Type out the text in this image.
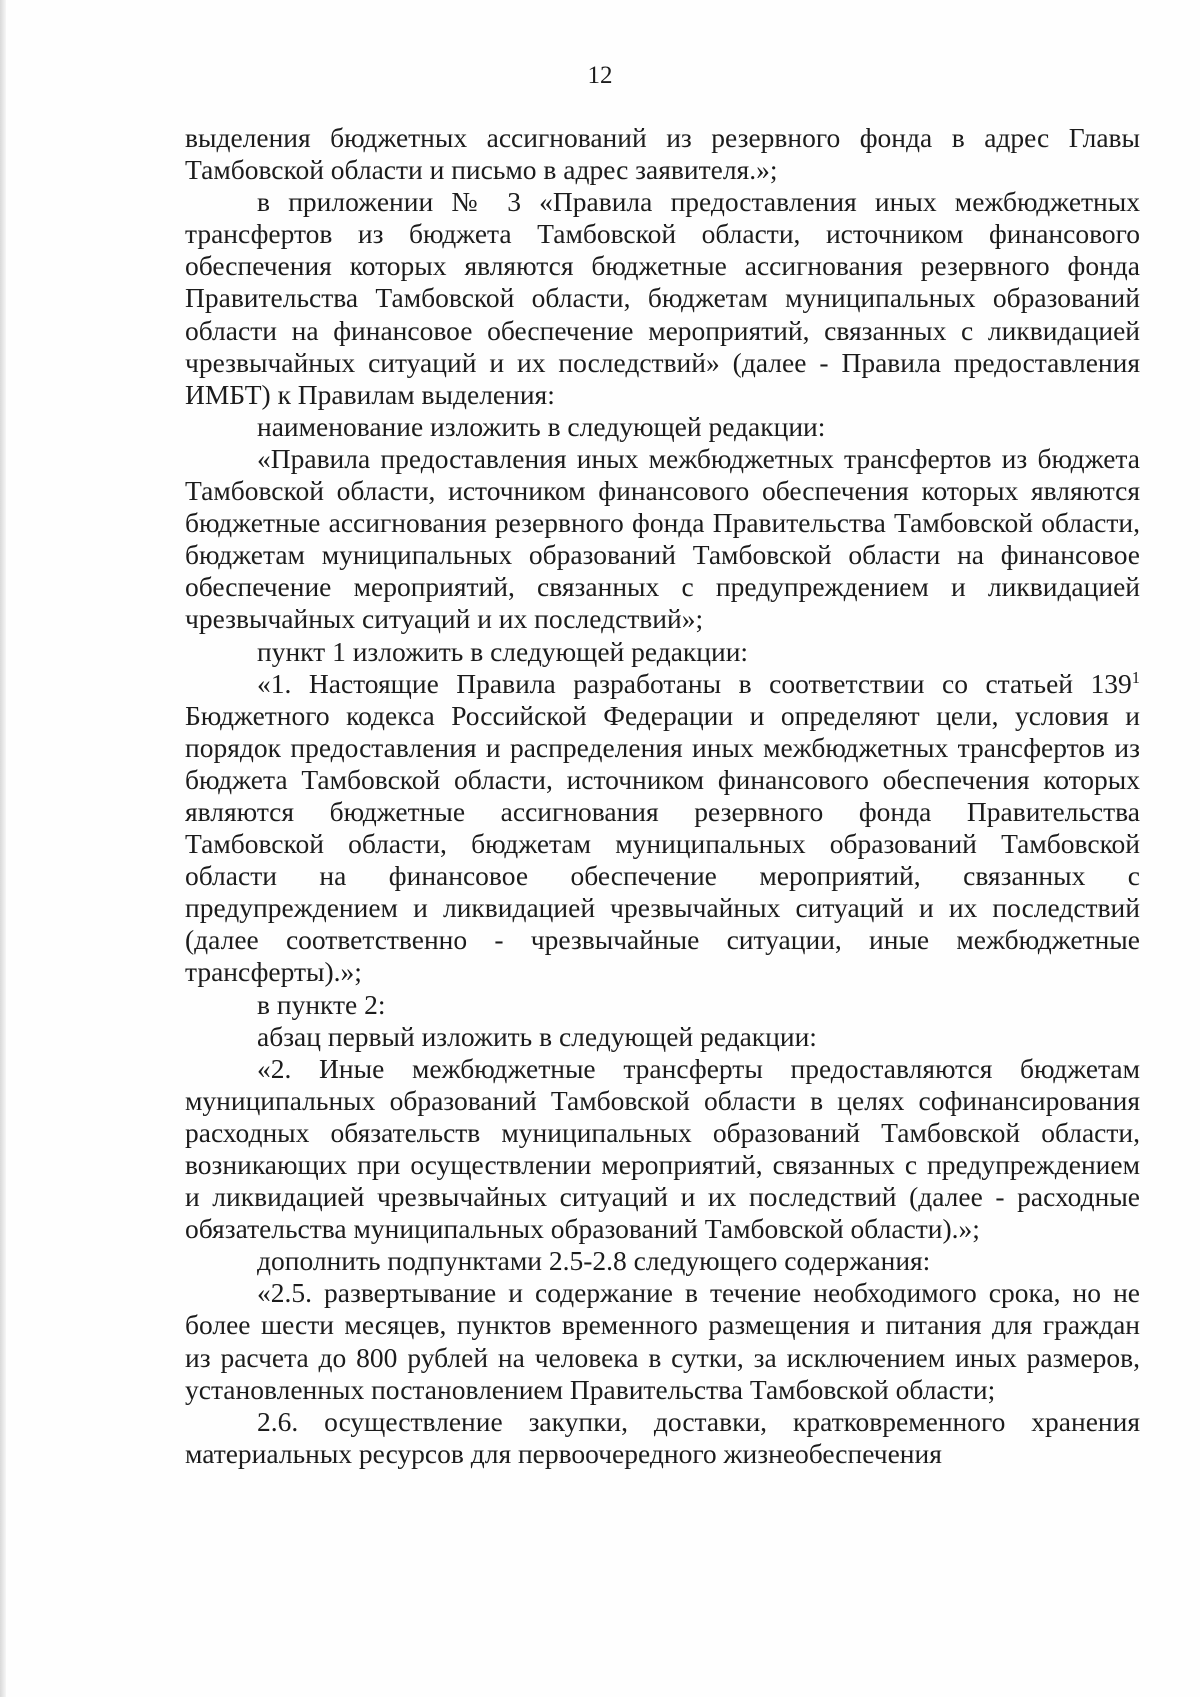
12

выделения бюджетных ассигнований из резервного фонда в адрес Главы Тамбовской области и письмо в адрес заявителя.»;

в приложении № 3 «Правила предоставления иных межбюджетных трансфертов из бюджета Тамбовской области, источником финансового обеспечения которых являются бюджетные ассигнования резервного фонда Правительства Тамбовской области, бюджетам муниципальных образований области на финансовое обеспечение мероприятий, связанных с ликвидацией чрезвычайных ситуаций и их последствий» (далее - Правила предоставления ИМБТ) к Правилам выделения:

наименование изложить в следующей редакции:

«Правила предоставления иных межбюджетных трансфертов из бюджета Тамбовской области, источником финансового обеспечения которых являются бюджетные ассигнования резервного фонда Правительства Тамбовской области, бюджетам муниципальных образований Тамбовской области на финансовое обеспечение мероприятий, связанных с предупреждением и ликвидацией чрезвычайных ситуаций и их последствий»;

пункт 1 изложить в следующей редакции:

«1. Настоящие Правила разработаны в соответствии со статьей $139^1$ Бюджетного кодекса Российской Федерации и определяют цели, условия и порядок предоставления и распределения иных межбюджетных трансфертов из бюджета Тамбовской области, источником финансового обеспечения которых являются бюджетные ассигнования резервного фонда Правительства Тамбовской области, бюджетам муниципальных образований Тамбовской области на финансовое обеспечение мероприятий, связанных с предупреждением и ликвидацией чрезвычайных ситуаций и их последствий (далее соответственно - чрезвычайные ситуации, иные межбюджетные трансферты).»;

в пункте 2:

абзац первый изложить в следующей редакции:

«2. Иные межбюджетные трансферты предоставляются бюджетам муниципальных образований Тамбовской области в целях софинансирования расходных обязательств муниципальных образований Тамбовской области, возникающих при осуществлении мероприятий, связанных с предупреждением и ликвидацией чрезвычайных ситуаций и их последствий (далее - расходные обязательства муниципальных образований Тамбовской области).»;

дополнить подпунктами 2.5-2.8 следующего содержания:

«2.5. развертывание и содержание в течение необходимого срока, но не более шести месяцев, пунктов временного размещения и питания для граждан из расчета до 800 рублей на человека в сутки, за исключением иных размеров, установленных постановлением Правительства Тамбовской области;

2.6. осуществление закупки, доставки, кратковременного хранения материальных ресурсов для первоочередного жизнеобеспечения
